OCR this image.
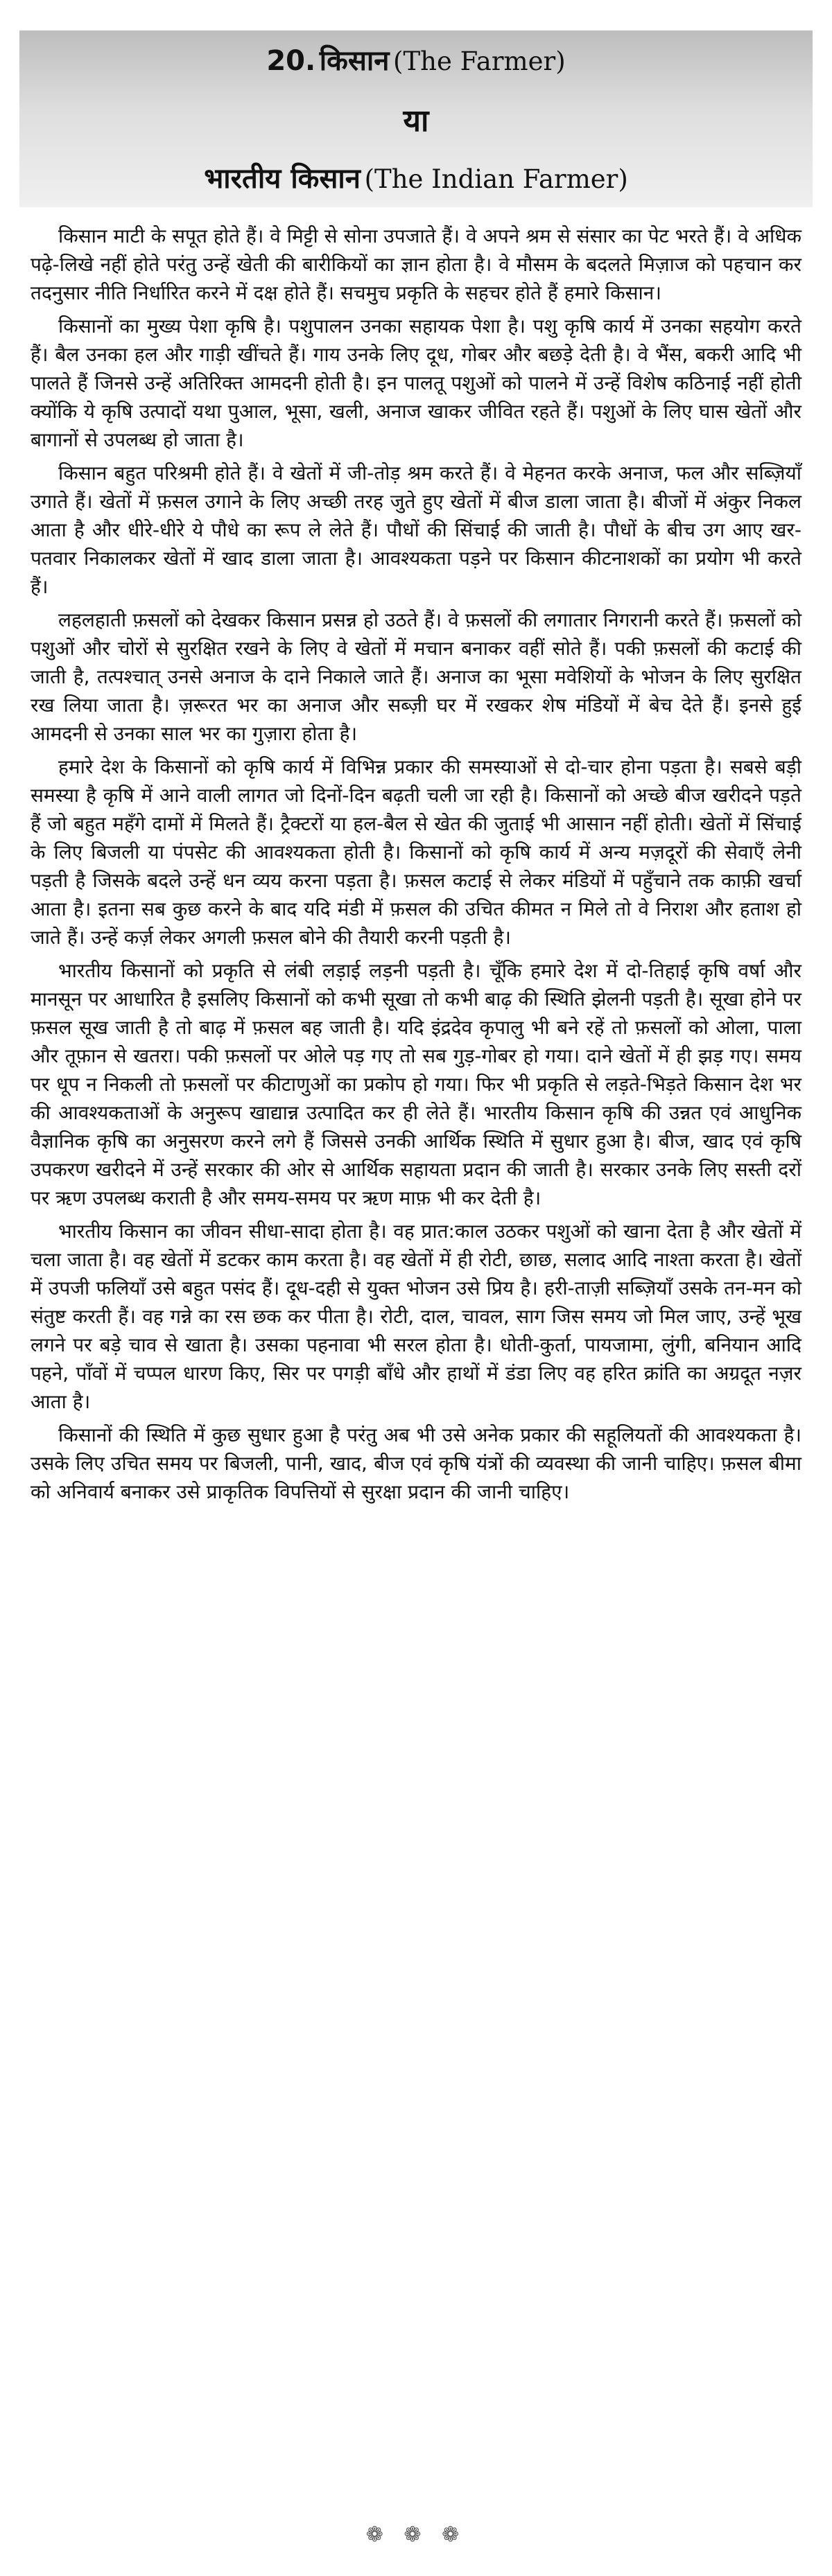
20. किसान (The Farmer)
या
भारतीय किसान (The Indian Farmer)

किसान माटी के सपूत होते हैं। वे मिट्टी से सोना उपजाते हैं। वे अपने श्रम से संसार का पेट भरते हैं। वे अधिक पढ़े-लिखे नहीं होते परंतु उन्हें खेती की बारीकियों का ज्ञान होता है। वे मौसम के बदलते मिज़ाज को पहचान कर तदनुसार नीति निर्धारित करने में दक्ष होते हैं। सचमुच प्रकृति के सहचर होते हैं हमारे किसान।

किसानों का मुख्य पेशा कृषि है। पशुपालन उनका सहायक पेशा है। पशु कृषि कार्य में उनका सहयोग करते हैं। बैल उनका हल और गाड़ी खींचते हैं। गाय उनके लिए दूध, गोबर और बछड़े देती है। वे भैंस, बकरी आदि भी पालते हैं जिनसे उन्हें अतिरिक्त आमदनी होती है। इन पालतू पशुओं को पालने में उन्हें विशेष कठिनाई नहीं होती क्योंकि ये कृषि उत्पादों यथा पुआल, भूसा, खली, अनाज खाकर जीवित रहते हैं। पशुओं के लिए घास खेतों और बागानों से उपलब्ध हो जाता है।

किसान बहुत परिश्रमी होते हैं। वे खेतों में जी-तोड़ श्रम करते हैं। वे मेहनत करके अनाज, फल और सब्ज़ियाँ उगाते हैं। खेतों में फ़सल उगाने के लिए अच्छी तरह जुते हुए खेतों में बीज डाला जाता है। बीजों में अंकुर निकल आता है और धीरे-धीरे ये पौधे का रूप ले लेते हैं। पौधों की सिंचाई की जाती है। पौधों के बीच उग आए खर-पतवार निकालकर खेतों में खाद डाला जाता है। आवश्यकता पड़ने पर किसान कीटनाशकों का प्रयोग भी करते हैं।

लहलहाती फ़सलों को देखकर किसान प्रसन्न हो उठते हैं। वे फ़सलों की लगातार निगरानी करते हैं। फ़सलों को पशुओं और चोरों से सुरक्षित रखने के लिए वे खेतों में मचान बनाकर वहीं सोते हैं। पकी फ़सलों की कटाई की जाती है, तत्पश्चात् उनसे अनाज के दाने निकाले जाते हैं। अनाज का भूसा मवेशियों के भोजन के लिए सुरक्षित रख लिया जाता है। ज़रूरत भर का अनाज और सब्ज़ी घर में रखकर शेष मंडियों में बेच देते हैं। इनसे हुई आमदनी से उनका साल भर का गुज़ारा होता है।

हमारे देश के किसानों को कृषि कार्य में विभिन्न प्रकार की समस्याओं से दो-चार होना पड़ता है। सबसे बड़ी समस्या है कृषि में आने वाली लागत जो दिनों-दिन बढ़ती चली जा रही है। किसानों को अच्छे बीज खरीदने पड़ते हैं जो बहुत महँगे दामों में मिलते हैं। ट्रैक्टरों या हल-बैल से खेत की जुताई भी आसान नहीं होती। खेतों में सिंचाई के लिए बिजली या पंपसेट की आवश्यकता होती है। किसानों को कृषि कार्य में अन्य मज़दूरों की सेवाएँ लेनी पड़ती है जिसके बदले उन्हें धन व्यय करना पड़ता है। फ़सल कटाई से लेकर मंडियों में पहुँचाने तक काफ़ी खर्चा आता है। इतना सब कुछ करने के बाद यदि मंडी में फ़सल की उचित कीमत न मिले तो वे निराश और हताश हो जाते हैं। उन्हें कर्ज़ लेकर अगली फ़सल बोने की तैयारी करनी पड़ती है।

भारतीय किसानों को प्रकृति से लंबी लड़ाई लड़नी पड़ती है। चूँकि हमारे देश में दो-तिहाई कृषि वर्षा और मानसून पर आधारित है इसलिए किसानों को कभी सूखा तो कभी बाढ़ की स्थिति झेलनी पड़ती है। सूखा होने पर फ़सल सूख जाती है तो बाढ़ में फ़सल बह जाती है। यदि इंद्रदेव कृपालु भी बने रहें तो फ़सलों को ओला, पाला और तूफ़ान से खतरा। पकी फ़सलों पर ओले पड़ गए तो सब गुड़-गोबर हो गया। दाने खेतों में ही झड़ गए। समय पर धूप न निकली तो फ़सलों पर कीटाणुओं का प्रकोप हो गया। फिर भी प्रकृति से लड़ते-भिड़ते किसान देश भर की आवश्यकताओं के अनुरूप खाद्यान्न उत्पादित कर ही लेते हैं। भारतीय किसान कृषि की उन्नत एवं आधुनिक वैज्ञानिक कृषि का अनुसरण करने लगे हैं जिससे उनकी आर्थिक स्थिति में सुधार हुआ है। बीज, खाद एवं कृषि उपकरण खरीदने में उन्हें सरकार की ओर से आर्थिक सहायता प्रदान की जाती है। सरकार उनके लिए सस्ती दरों पर ऋण उपलब्ध कराती है और समय-समय पर ऋण माफ़ भी कर देती है।

भारतीय किसान का जीवन सीधा-सादा होता है। वह प्रात:काल उठकर पशुओं को खाना देता है और खेतों में चला जाता है। वह खेतों में डटकर काम करता है। वह खेतों में ही रोटी, छाछ, सलाद आदि नाश्ता करता है। खेतों में उपजी फलियाँ उसे बहुत पसंद हैं। दूध-दही से युक्त भोजन उसे प्रिय है। हरी-ताज़ी सब्ज़ियाँ उसके तन-मन को संतुष्ट करती हैं। वह गन्ने का रस छक कर पीता है। रोटी, दाल, चावल, साग जिस समय जो मिल जाए, उन्हें भूख लगने पर बड़े चाव से खाता है। उसका पहनावा भी सरल होता है। धोती-कुर्ता, पायजामा, लुंगी, बनियान आदि पहने, पाँवों में चप्पल धारण किए, सिर पर पगड़ी बाँधे और हाथों में डंडा लिए वह हरित क्रांति का अग्रदूत नज़र आता है।

किसानों की स्थिति में कुछ सुधार हुआ है परंतु अब भी उसे अनेक प्रकार की सहूलियतों की आवश्यकता है। उसके लिए उचित समय पर बिजली, पानी, खाद, बीज एवं कृषि यंत्रों की व्यवस्था की जानी चाहिए। फ़सल बीमा को अनिवार्य बनाकर उसे प्राकृतिक विपत्तियों से सुरक्षा प्रदान की जानी चाहिए।

❁ ❁ ❁
